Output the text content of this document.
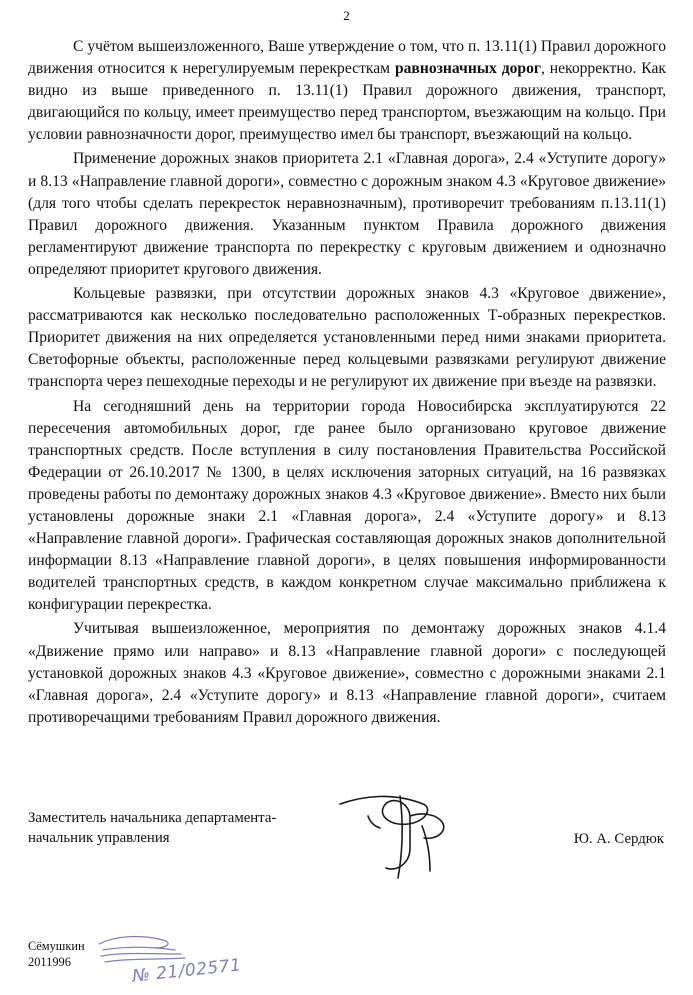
2

С учётом вышеизложенного, Ваше утверждение о том, что п. 13.11(1) Правил дорожного движения относится к нерегулируемым перекресткам равнозначных дорог, некорректно. Как видно из выше приведенного п. 13.11(1) Правил дорожного движения, транспорт, двигающийся по кольцу, имеет преимущество перед транспортом, въезжающим на кольцо. При условии равнозначности дорог, преимущество имел бы транспорт, въезжающий на кольцо.

Применение дорожных знаков приоритета 2.1 «Главная дорога», 2.4 «Уступите дорогу» и 8.13 «Направление главной дороги», совместно с дорожным знаком 4.3 «Круговое движение» (для того чтобы сделать перекресток неравнозначным), противоречит требованиям п.13.11(1) Правил дорожного движения. Указанным пунктом Правила дорожного движения регламентируют движение транспорта по перекрестку с круговым движением и однозначно определяют приоритет кругового движения.

Кольцевые развязки, при отсутствии дорожных знаков 4.3 «Круговое движение», рассматриваются как несколько последовательно расположенных Т-образных перекрестков. Приоритет движения на них определяется установленными перед ними знаками приоритета. Светофорные объекты, расположенные перед кольцевыми развязками регулируют движение транспорта через пешеходные переходы и не регулируют их движение при въезде на развязки.

На сегодняшний день на территории города Новосибирска эксплуатируются 22 пересечения автомобильных дорог, где ранее было организовано круговое движение транспортных средств. После вступления в силу постановления Правительства Российской Федерации от 26.10.2017 № 1300, в целях исключения заторных ситуаций, на 16 развязках проведены работы по демонтажу дорожных знаков 4.3 «Круговое движение». Вместо них были установлены дорожные знаки 2.1 «Главная дорога», 2.4 «Уступите дорогу» и 8.13 «Направление главной дороги». Графическая составляющая дорожных знаков дополнительной информации 8.13 «Направление главной дороги», в целях повышения информированности водителей транспортных средств, в каждом конкретном случае максимально приближена к конфигурации перекрестка.

Учитывая вышеизложенное, мероприятия по демонтажу дорожных знаков 4.1.4 «Движение прямо или направо» и 8.13 «Направление главной дороги» с последующей установкой дорожных знаков 4.3 «Круговое движение», совместно с дорожными знаками 2.1 «Главная дорога», 2.4 «Уступите дорогу» и 8.13 «Направление главной дороги», считаем противоречащими требованиям Правил дорожного движения.

Заместитель начальника департамента-
начальник управления	Ю. А. Сердюк
Сёмушкин
2011996	№ 21/02571
